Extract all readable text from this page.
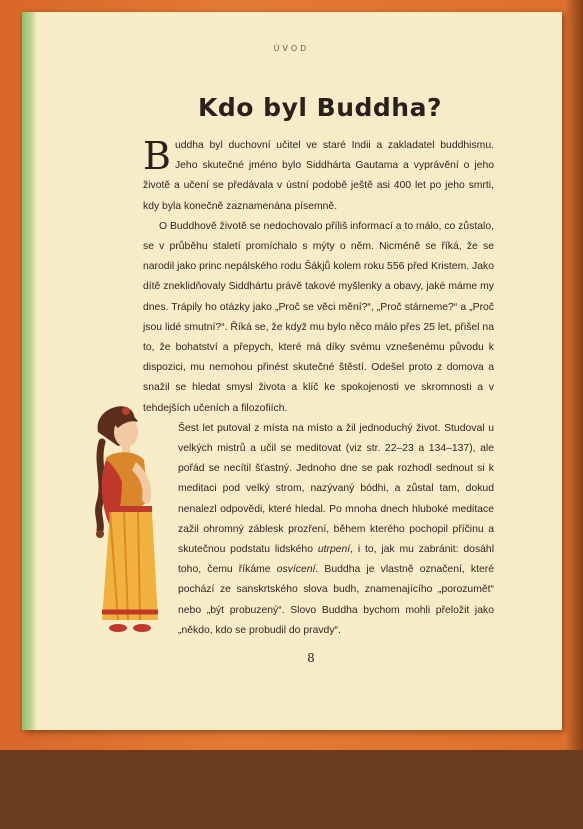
ÚVOD
Kdo byl Buddha?

Buddha byl duchovní učitel ve staré Indii a zakladatel buddhismu. Jeho skutečné jméno bylo Siddhárta Gautama a vyprávění o jeho životě a učení se předávala v ústní podobě ještě asi 400 let po jeho smrti, kdy byla konečně zaznamenána písemně.

O Buddhově životě se nedochovalo příliš informací a to málo, co zůstalo, se v průběhu staletí promíchalo s mýty o něm. Nicméně se říká, že se narodil jako princ nepálského rodu Šákjů kolem roku 556 před Kristem. Jako dítě zneklidňovaly Siddhártu právě takové myšlenky a obavy, jaké máme my dnes. Trápily ho otázky jako „Proč se věci mění?“, „Proč stárneme?“ a „Proč jsou lidé smutní?“. Říká se, že když mu bylo něco málo přes 25 let, přišel na to, že bohatství a přepych, které má díky svému vznešenému původu k dispozici, mu nemohou přinést skutečné štěstí. Odešel proto z domova a snažil se hledat smysl života a klíč ke spokojenosti ve skromnosti a v tehdejších učeních a filozofiích.

Šest let putoval z místa na místo a žil jednoduchý život. Studoval u velkých mistrů a učil se meditovat (viz str. 22–23 a 134–137), ale pořád se necítil šťastný. Jednoho dne se pak rozhodl sednout si k meditaci pod velký strom, nazývaný bódhi, a zůstal tam, dokud nenalezl odpovědi, které hledal. Po mnoha dnech hluboké meditace zažil ohromný záblesk prozření, během kterého pochopil příčinu a skutečnou podstatu lidského utrpení, i to, jak mu zabránit: dosáhl toho, čemu říkáme osvícení. Buddha je vlastně označení, které pochází ze sanskrtského slova budh, znamenajícího „porozumět“ nebo „být probuzený“. Slovo Buddha bychom mohli přeložit jako „někdo, kdo se probudil do pravdy“.

8
